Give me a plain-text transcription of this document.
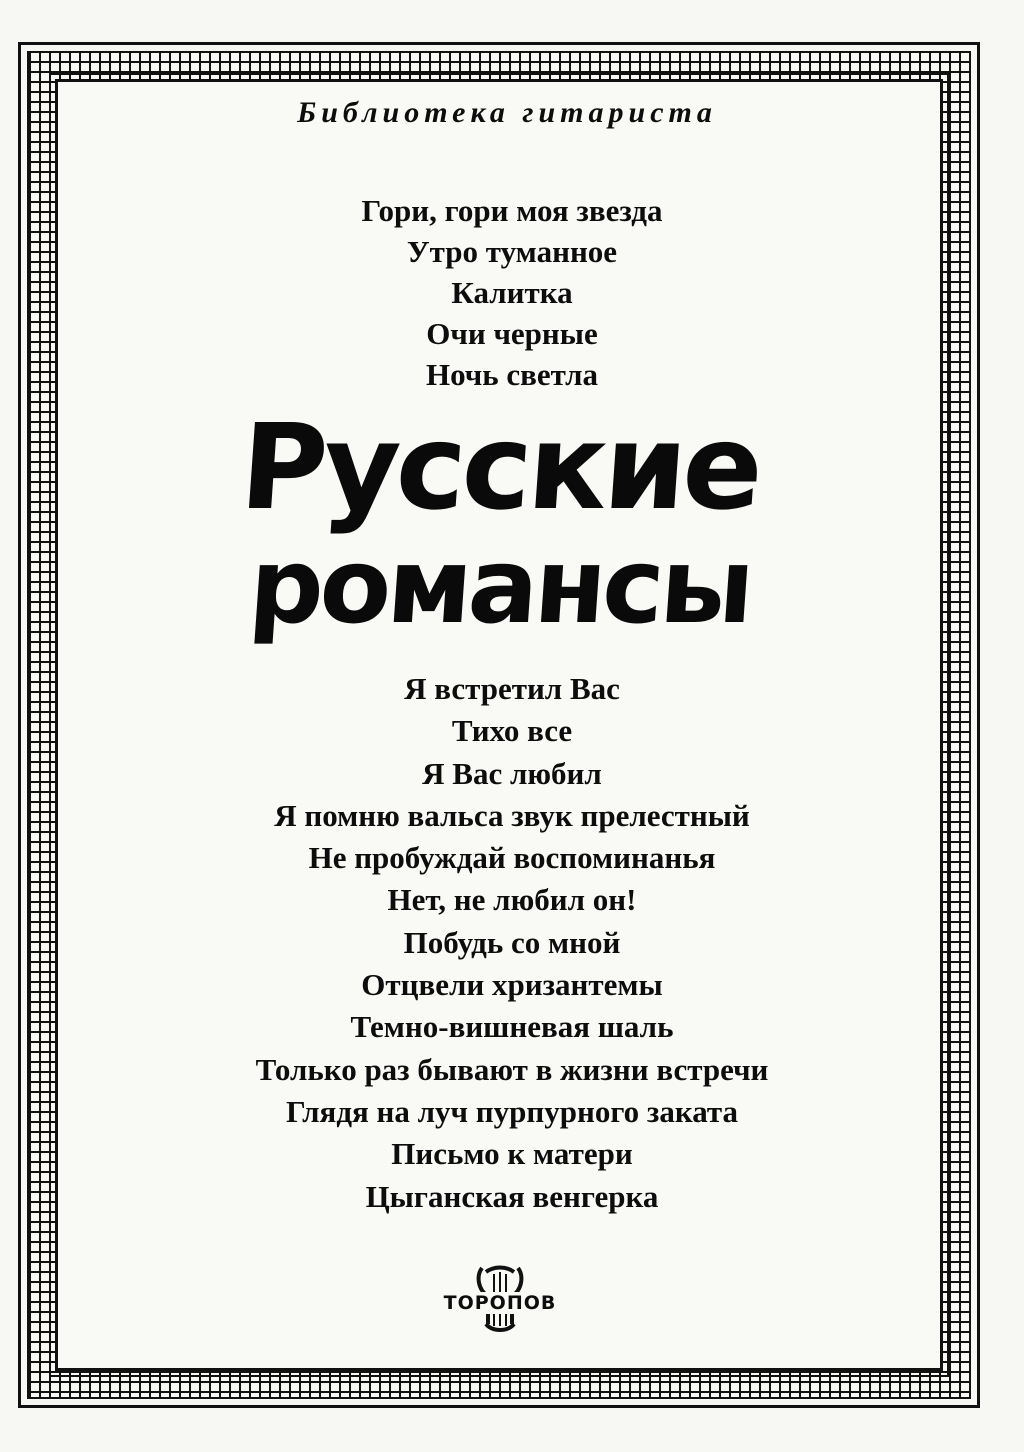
Библиотека гитариста
Гори, гори моя звезда
Утро туманное
Калитка
Очи черные
Ночь светла
Русские
романсы
Я встретил Вас
Тихо все
Я Вас любил
Я помню вальса звук прелестный
Не пробуждай воспоминанья
Нет, не любил он!
Побудь со мной
Отцвели хризантемы
Темно-вишневая шаль
Только раз бывают в жизни встречи
Глядя на луч пурпурного заката
Письмо к матери
Цыганская венгерка
ТОРОПОВ
